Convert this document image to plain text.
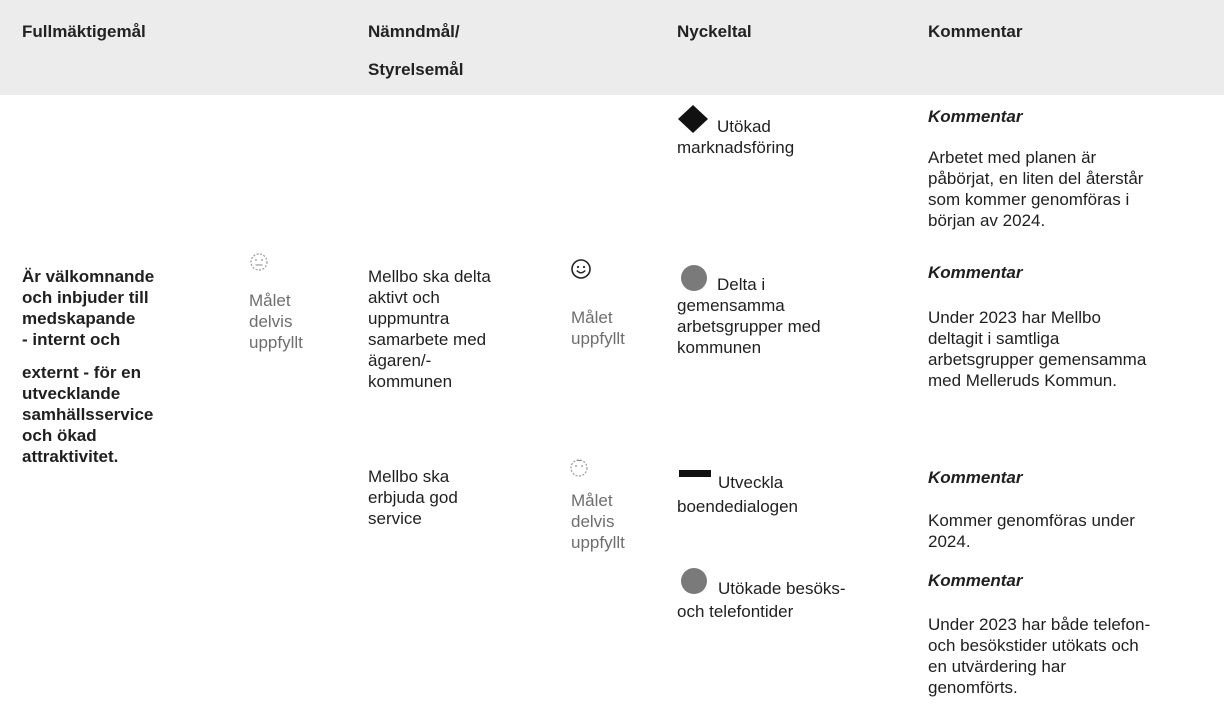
Fullmäktigemål	Nämndmål/
Styrelsemål
Nyckeltal	Kommentar
Är välkomnande
och inbjuder till
medskapande
- internt och
externt - för en
utvecklande
samhällsservice
och ökad
attraktivitet.
Målet
delvis
uppfyllt
Mellbo ska delta
aktivt och
uppmuntra
samarbete med
ägaren/-
kommunen
Målet
uppfyllt
Mellbo ska
erbjuda god
service
Målet
delvis
uppfyllt
Utökad
marknadsföring
Delta i
gemensamma
arbetsgrupper med
kommunen
Utveckla
boendedialogen
Utökade besöks-
och telefontider
Kommentar
Arbetet med planen är
påbörjat, en liten del återstår
som kommer genomföras i
början av 2024.
Kommentar
Under 2023 har Mellbo
deltagit i samtliga
arbetsgrupper gemensamma
med Melleruds Kommun.
Kommentar
Kommer genomföras under
2024.
Kommentar
Under 2023 har både telefon-
och besökstider utökats och
en utvärdering har
genomförts.
